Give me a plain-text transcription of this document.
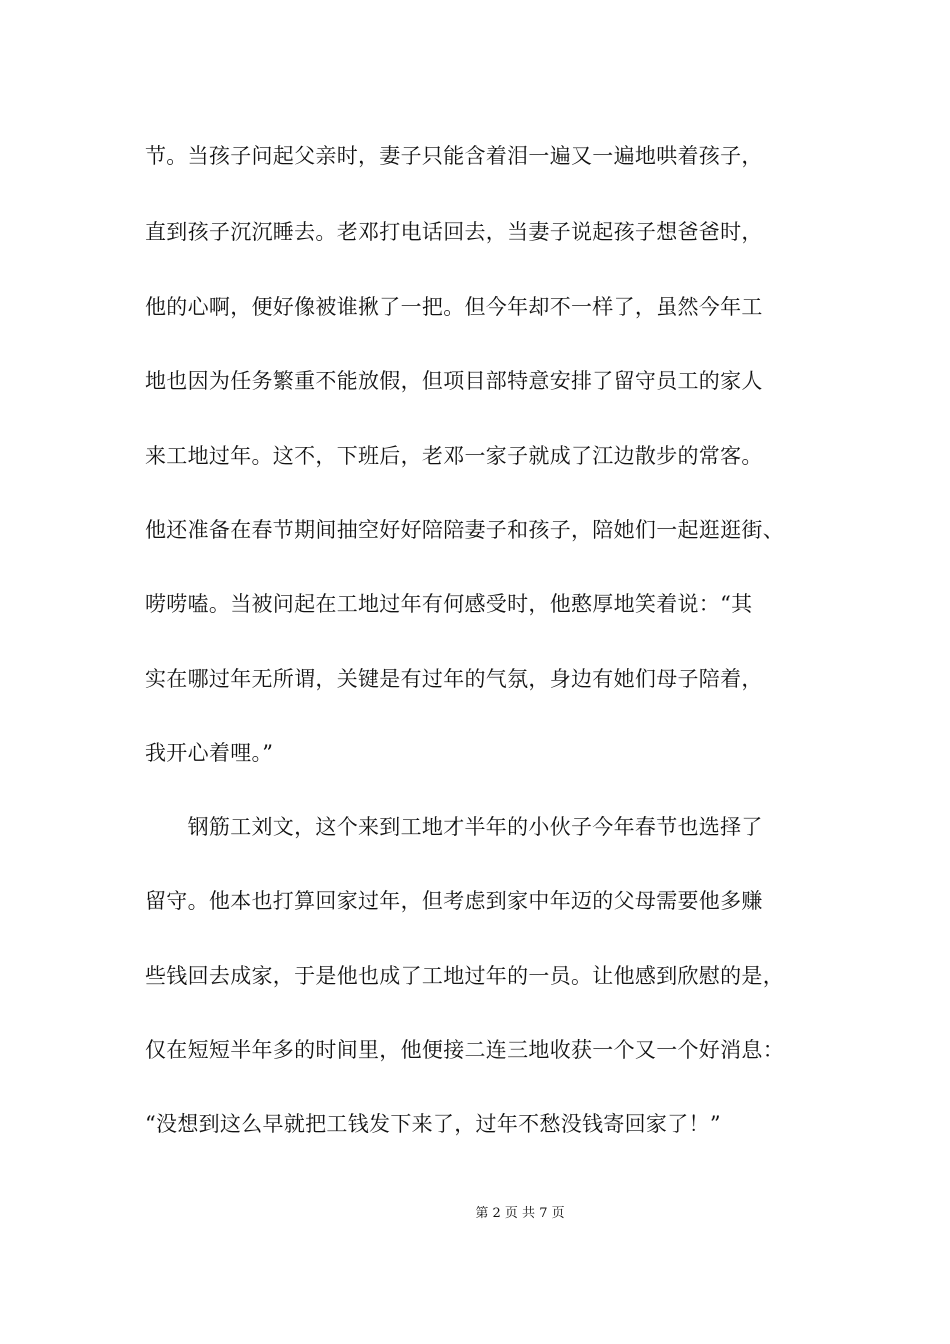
节。当孩子问起父亲时，妻子只能含着泪一遍又一遍地哄着孩子，
直到孩子沉沉睡去。老邓打电话回去，当妻子说起孩子想爸爸时，
他的心啊，便好像被谁揪了一把。但今年却不一样了，虽然今年工
地也因为任务繁重不能放假，但项目部特意安排了留守员工的家人
来工地过年。这不，下班后，老邓一家子就成了江边散步的常客。
他还准备在春节期间抽空好好陪陪妻子和孩子，陪她们一起逛逛街、
唠唠嗑。当被问起在工地过年有何感受时，他憨厚地笑着说：“其
实在哪过年无所谓，关键是有过年的气氛，身边有她们母子陪着，
我开心着哩。”
　　钢筋工刘文，这个来到工地才半年的小伙子今年春节也选择了
留守。他本也打算回家过年，但考虑到家中年迈的父母需要他多赚
些钱回去成家，于是他也成了工地过年的一员。让他感到欣慰的是，
仅在短短半年多的时间里，他便接二连三地收获一个又一个好消息：
“没想到这么早就把工钱发下来了，过年不愁没钱寄回家了！”
第 2 页 共 7 页
